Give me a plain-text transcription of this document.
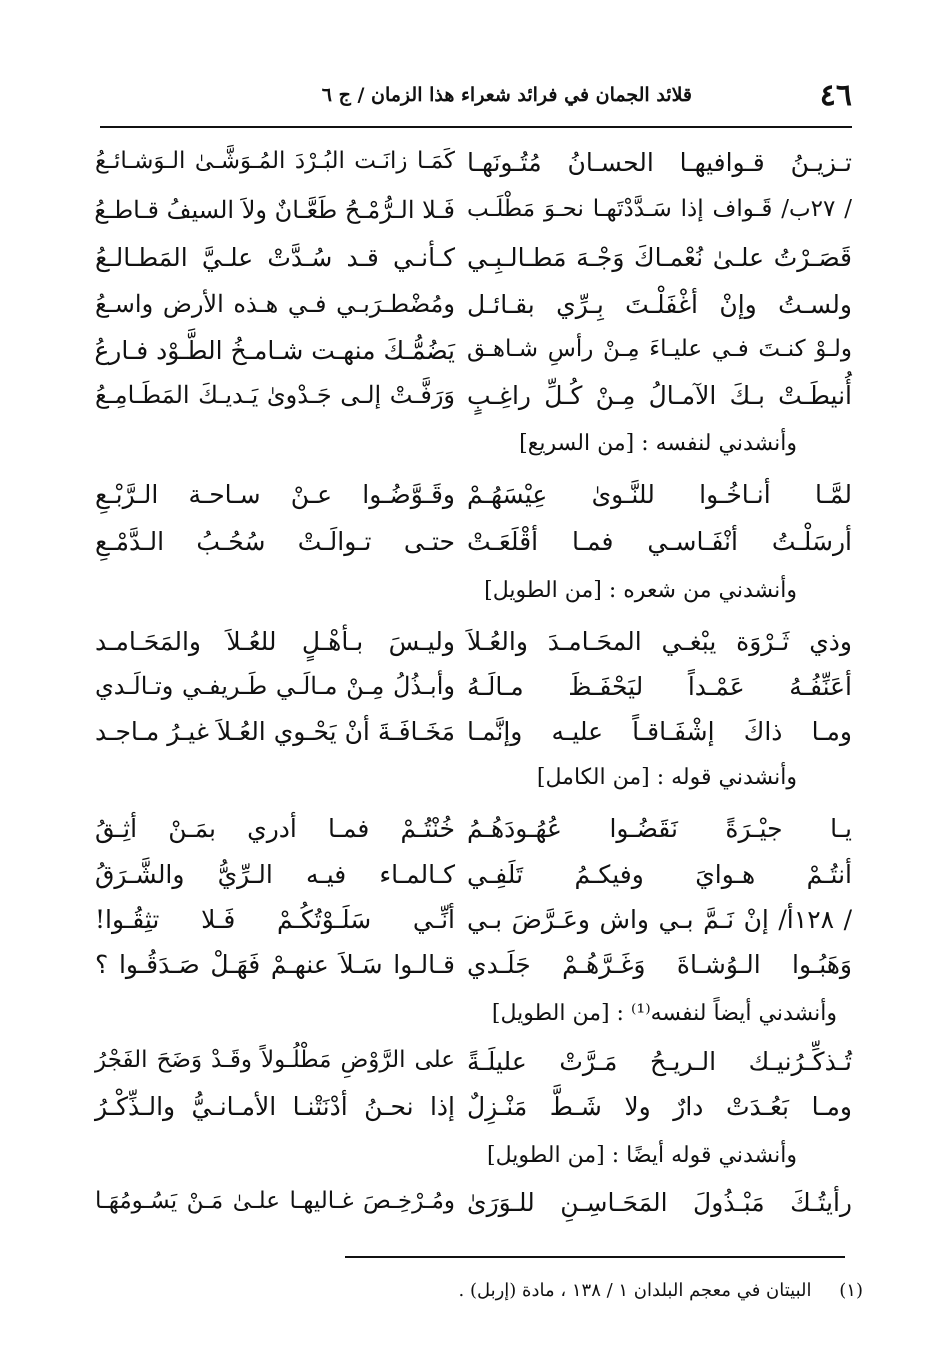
٤٦
قلائد الجمان في فرائد شعراء هذا الزمان / ج ٦
تـزيـنُ قـوافيهـا الحسـانُ مُتُـونَهـا
كَمَـا زانَـت البُـرْدَ المُـوَشَّـىٰ الـوَشـائـعُ
/ ٢٧ب/ قَـواف إذا سَـدَّدْتَهـا نحـوَ مَطْلَـب
فَـلا الـرُّمْـحُ طَعَّـانٌ ولاَ السيفُ قـاطـعُ
قَصَـرْتُ علـىٰ نُعْمـاكَ وَجْـهَ مَطـالـبِـي
كـأنـي قـد سُـدَّتْ علـيَّ المَطـالـعُ
ولسـتُ وإنْ أغْفَلْـتَ بِـرِّي بقـائـل
ومُضْطـرَبـي فـي هـذه الأرض واسـعُ
ولـوْ كنـتَ فـي عليـاءَ مِـنْ رأسِ شـاهـق
يَضُمُّـكَ منهـت شـامـخُ الطَّـوْد فـارعُ
أُنيطَـتْ بـكَ الآمـالُ مِـنْ كُـلِّ راغِـبٍ
وَرَفَّـتْ إلـى جَـدْوىٰ يَـديـكَ المَطَـامِـعُ
وأنشدني لنفسه : [من السريع]
لمَّـا أنـاخُـوا للنَّـوىٰ عِيْسَهُـمْ
وقَـوَّضُـوا عـنْ سـاحـة الـرَّبْـعِ
أرسَلْـتُ أنْفَـاسـي فمـا أقْلَعَـتْ
حتـى تـوالَـتْ سُحُـبُ الـدَّمْـعِ
وأنشدني من شعره : [من الطويل]
وذي ثَـرْوَة يبْغـي المحَـامـدَ والعُـلاَ
وليـسَ بـأهْـلٍ للعُـلاَ والمَحَـامـد
أعَنِّفُـهُ عَمْـداً ليَحْفَـظَ مـالَـهُ
وأبـذُلُ مِـنْ مـالَـي طَـريفـي وتـالَـدي
ومـا ذاكَ إشْفَـاقـاً عليـه وإنَّمـا
مَخَـافَـةَ أنْ يَحْـوي العُـلاَ غيـرُ مـاجـد
وأنشدني قوله : [من الكامل]
يـا جيْـرَةً نَقَضُـوا عُهُـودَهُـمُ
خُنْتُـمْ فمـا أدري بمَـنْ أثِـقُ
أنتُـمْ هـوايَ وفيكـمُ تَلَفِـي
كـالمـاء فيـه الـرِّيُّ والشَّـرَقُ
/ ١٢٨أ/ إنْ نَـمَّ بـي واش وعَـرَّضَ بـي
أنِّـي سَلَـوْتُكُـمْ فَـلا تثِقُـوا!
وَهَبُـوا الـوُشـاةَ وَغَـرَّهُـمْ جَلَـدي
قـالـوا سَـلاَ عنهـمْ فَهَـلْ صَـدَقُـوا ؟
وأنشدني أيضاً لنفسه⁽¹⁾ : [من الطويل]
تُـذكِّـرُنيـك الـريـحُ مَـرَّتْ عليلَـةً
على الرَّوْضِ مَطْلُـولاً وقَـدْ وَضَحَ الفَجْرُ
ومـا بَعُـدَتْ دارٌ ولا شَـطَّ مَنْـزِلٌ
إذا نحـنُ أدْنَتْنـا الأمـانـيُّ والـذِّكْـرُ
وأنشدني قوله أيضًا : [من الطويل]
رأيتُـكَ مَبْـذُولَ المَحَـاسِـنِ للـوَرَىٰ
ومُـرْخِـصَ غـاليهـا علـىٰ مَـنْ يَسُـومُهَـا
(١) البيتان في معجم البلدان ١ / ١٣٨ ، مادة (إربل) .
